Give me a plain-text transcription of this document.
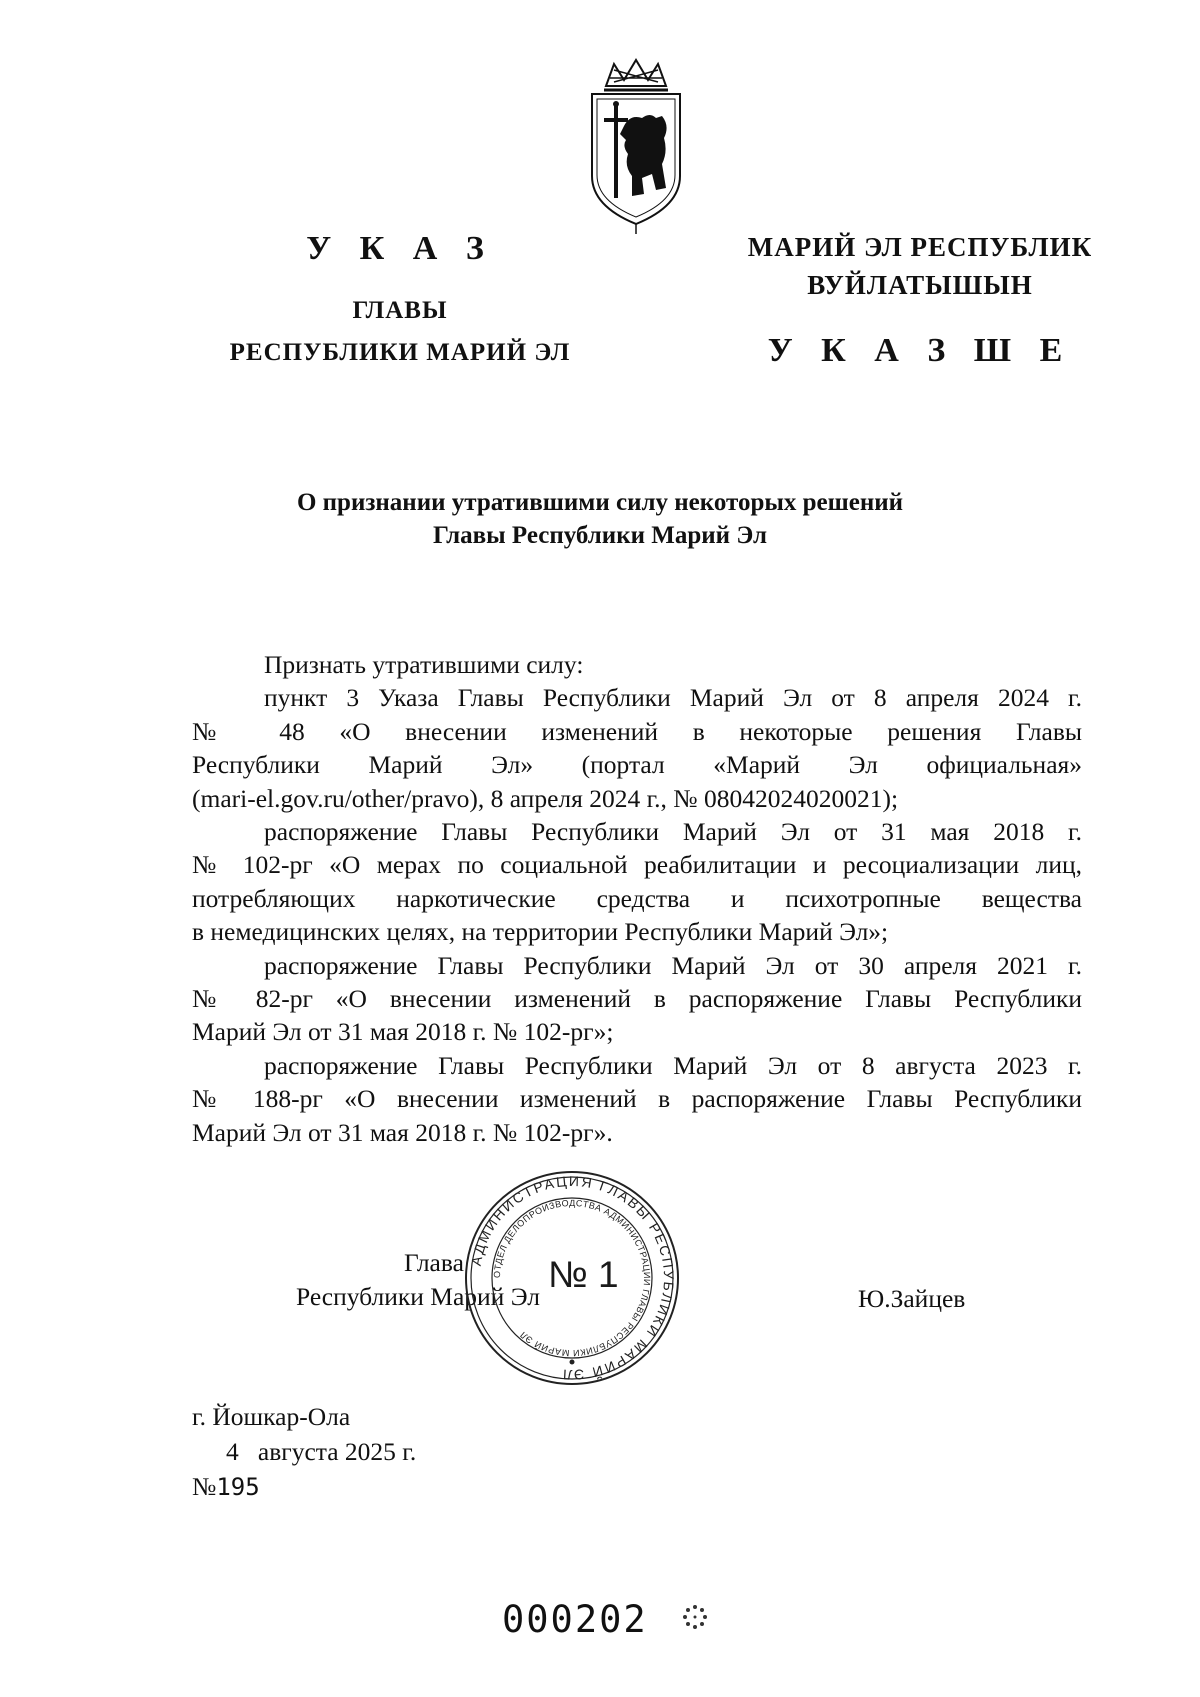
У К А З
ГЛАВЫ
РЕСПУБЛИКИ МАРИЙ ЭЛ
МАРИЙ ЭЛ РЕСПУБЛИК
ВУЙЛАТЫШЫН
У К А З Ш Е
О признании утратившими силу некоторых решений
Главы Республики Марий Эл

Признать утратившими силу:

пункт 3 Указа Главы Республики Марий Эл от 8 апреля 2024 г.

№ 48 «О внесении изменений в некоторые решения Главы

Республики Марий Эл» (портал «Марий Эл официальная»

(mari-el.gov.ru/other/pravo), 8 апреля 2024 г., № 08042024020021);

распоряжение Главы Республики Марий Эл от 31 мая 2018 г.

№ 102-рг «О мерах по социальной реабилитации и ресоциализации лиц,

потребляющих наркотические средства и психотропные вещества

в немедицинских целях, на территории Республики Марий Эл»;

распоряжение Главы Республики Марий Эл от 30 апреля 2021 г.

№ 82-рг «О внесении изменений в распоряжение Главы Республики

Марий Эл от 31 мая 2018 г. № 102-рг»;

распоряжение Главы Республики Марий Эл от 8 августа 2023 г.

№ 188-рг «О внесении изменений в распоряжение Главы Республики

Марий Эл от 31 мая 2018 г. № 102-рг».

Глава
Республики Марий Эл	Ю.Зайцев
АДМИНИСТРАЦИЯ ГЛАВЫ РЕСПУБЛИКИ МАРИЙ ЭЛ
ОТДЕЛ ДЕЛОПРОИЗВОДСТВА АДМИНИСТРАЦИИ ГЛАВЫ РЕСПУБЛИКИ МАРИЙ ЭЛ
№ 1
г. Йошкар-Ола
4 августа 2025 г.
№195
000202
